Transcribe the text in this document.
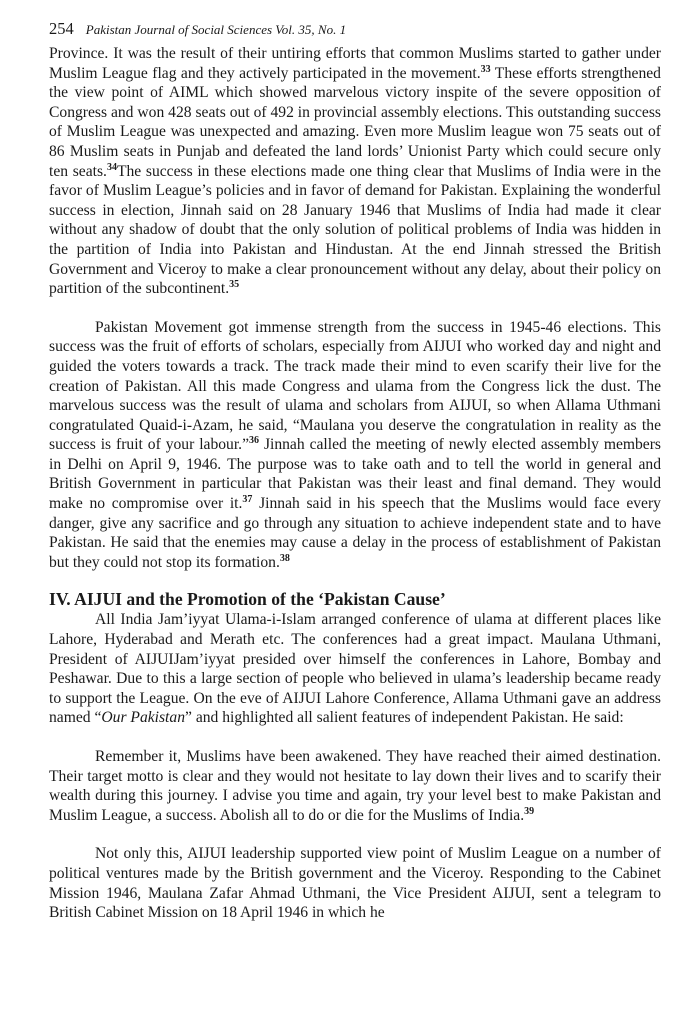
254 Pakistan Journal of Social Sciences Vol. 35, No. 1

Province. It was the result of their untiring efforts that common Muslims started to gather under Muslim League flag and they actively participated in the movement.$^{33}$ These efforts strengthened the view point of AIML which showed marvelous victory inspite of the severe opposition of Congress and won 428 seats out of 492 in provincial assembly elections. This outstanding success of Muslim League was unexpected and amazing. Even more Muslim league won 75 seats out of 86 Muslim seats in Punjab and defeated the land lords’ Unionist Party which could secure only ten seats.$^{34}$The success in these elections made one thing clear that Muslims of India were in the favor of Muslim League’s policies and in favor of demand for Pakistan. Explaining the wonderful success in election, Jinnah said on 28 January 1946 that Muslims of India had made it clear without any shadow of doubt that the only solution of political problems of India was hidden in the partition of India into Pakistan and Hindustan. At the end Jinnah stressed the British Government and Viceroy to make a clear pronouncement without any delay, about their policy on partition of the subcontinent.$^{35}$

Pakistan Movement got immense strength from the success in 1945-46 elections. This success was the fruit of efforts of scholars, especially from AIJUI who worked day and night and guided the voters towards a track. The track made their mind to even scarify their live for the creation of Pakistan. All this made Congress and ulama from the Congress lick the dust. The marvelous success was the result of ulama and scholars from AIJUI, so when Allama Uthmani congratulated Quaid-i-Azam, he said, “Maulana you deserve the congratulation in reality as the success is fruit of your labour.”$^{36}$ Jinnah called the meeting of newly elected assembly members in Delhi on April 9, 1946. The purpose was to take oath and to tell the world in general and British Government in particular that Pakistan was their least and final demand. They would make no compromise over it.$^{37}$ Jinnah said in his speech that the Muslims would face every danger, give any sacrifice and go through any situation to achieve independent state and to have Pakistan. He said that the enemies may cause a delay in the process of establishment of Pakistan but they could not stop its formation.$^{38}$

IV. AIJUI and the Promotion of the ‘Pakistan Cause’

All India Jam’iyyat Ulama-i-Islam arranged conference of ulama at different places like Lahore, Hyderabad and Merath etc. The conferences had a great impact. Maulana Uthmani, President of AIJUIJam’iyyat presided over himself the conferences in Lahore, Bombay and Peshawar. Due to this a large section of people who believed in ulama’s leadership became ready to support the League. On the eve of AIJUI Lahore Conference, Allama Uthmani gave an address named “Our Pakistan” and highlighted all salient features of independent Pakistan. He said:

Remember it, Muslims have been awakened. They have reached their aimed destination. Their target motto is clear and they would not hesitate to lay down their lives and to scarify their wealth during this journey. I advise you time and again, try your level best to make Pakistan and Muslim League, a success. Abolish all to do or die for the Muslims of India.$^{39}$

Not only this, AIJUI leadership supported view point of Muslim League on a number of political ventures made by the British government and the Viceroy. Responding to the Cabinet Mission 1946, Maulana Zafar Ahmad Uthmani, the Vice President AIJUI, sent a telegram to British Cabinet Mission on 18 April 1946 in which he
